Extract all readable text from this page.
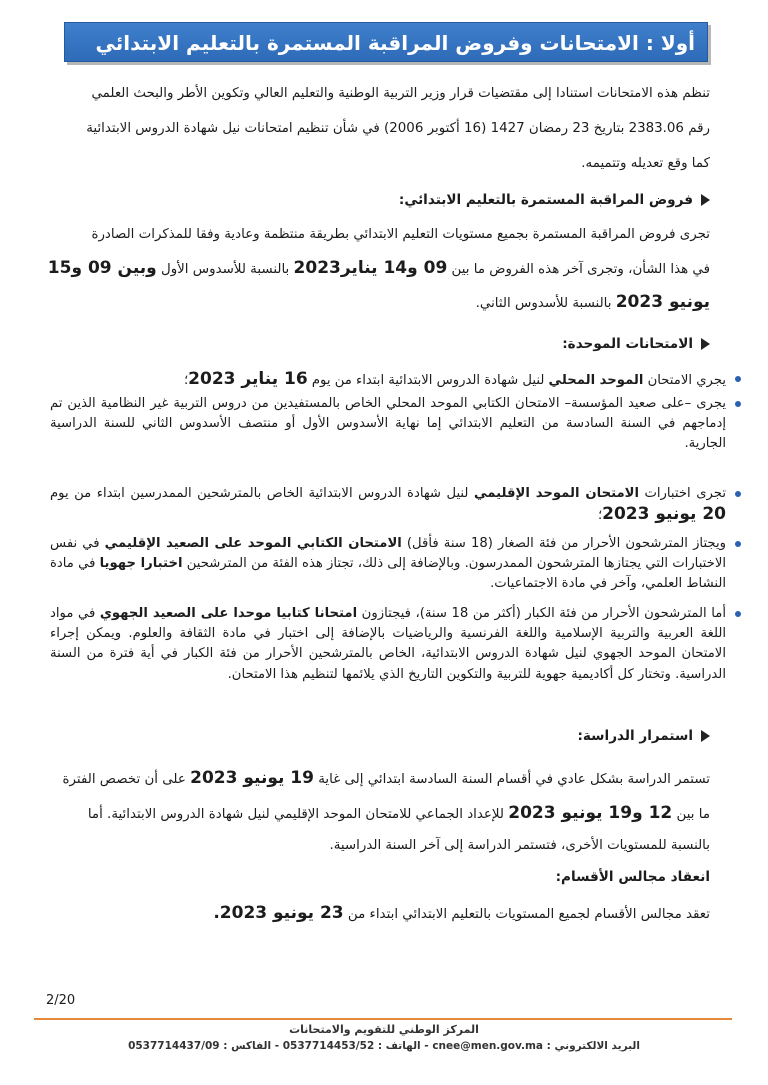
أولا : الامتحانات وفروض المراقبة المستمرة بالتعليم الابتدائي
تنظم هذه الامتحانات استنادا إلى مقتضيات قرار وزير التربية الوطنية والتعليم العالي وتكوين الأطر والبحث العلمي
رقم 2383.06 بتاريخ 23 رمضان 1427 (16 أكتوبر 2006) في شأن تنظيم امتحانات نيل شهادة الدروس الابتدائية
كما وقع تعديله وتتميمه.
فروض المراقبة المستمرة بالتعليم الابتدائي:
تجرى فروض المراقبة المستمرة بجميع مستويات التعليم الابتدائي بطريقة منتظمة وعادية وفقا للمذكرات الصادرة
في هذا الشأن، وتجرى آخر هذه الفروض ما بين 09 و14 يناير2023 بالنسبة للأسدوس الأول وبين 09 و15
يونيو 2023 بالنسبة للأسدوس الثاني.
الامتحانات الموحدة:
يجري الامتحان الموحد المحلي لنيل شهادة الدروس الابتدائية ابتداء من يوم 16 يناير 2023؛
يجرى –على صعيد المؤسسة– الامتحان الكتابي الموحد المحلي الخاص بالمستفيدين من دروس التربية غير النظامية الذين تم إدماجهم في السنة السادسة من التعليم الابتدائي إما نهاية الأسدوس الأول أو منتصف الأسدوس الثاني للسنة الدراسية الجارية.
تجرى اختبارات الامتحان الموحد الإقليمي لنيل شهادة الدروس الابتدائية الخاص بالمترشحين الممدرسين ابتداء من يوم 20 يونيو 2023؛
ويجتاز المترشحون الأحرار من فئة الصغار (18 سنة فأقل) الامتحان الكتابي الموحد على الصعيد الإقليمي في نفس الاختبارات التي يجتازها المترشحون الممدرسون. وبالإضافة إلى ذلك، تجتاز هذه الفئة من المترشحين اختبارا جهويا في مادة النشاط العلمي، وآخر في مادة الاجتماعيات.
أما المترشحون الأحرار من فئة الكبار (أكثر من 18 سنة)، فيجتازون امتحانا كتابيا موحدا على الصعيد الجهوي في مواد اللغة العربية والتربية الإسلامية واللغة الفرنسية والرياضيات بالإضافة إلى اختبار في مادة الثقافة والعلوم. ويمكن إجراء الامتحان الموحد الجهوي لنيل شهادة الدروس الابتدائية، الخاص بالمترشحين الأحرار من فئة الكبار في أية فترة من السنة الدراسية. وتختار كل أكاديمية جهوية للتربية والتكوين التاريخ الذي يلائمها لتنظيم هذا الامتحان.
استمرار الدراسة:
تستمر الدراسة بشكل عادي في أقسام السنة السادسة ابتدائي إلى غاية 19 يونيو 2023 على أن تخصص الفترة
ما بين 12 و19 يونيو 2023 للإعداد الجماعي للامتحان الموحد الإقليمي لنيل شهادة الدروس الابتدائية. أما
بالنسبة للمستويات الأخرى، فتستمر الدراسة إلى آخر السنة الدراسية.
انعقاد مجالس الأقسام:
تعقد مجالس الأقسام لجميع المستويات بالتعليم الابتدائي ابتداء من 23 يونيو 2023.
2/20
المركز الوطني للتقويم والامتحانات
البريد الالكتروني : cnee@men.gov.ma - الهاتف : 0537714453/52 - الفاكس : 0537714437/09
